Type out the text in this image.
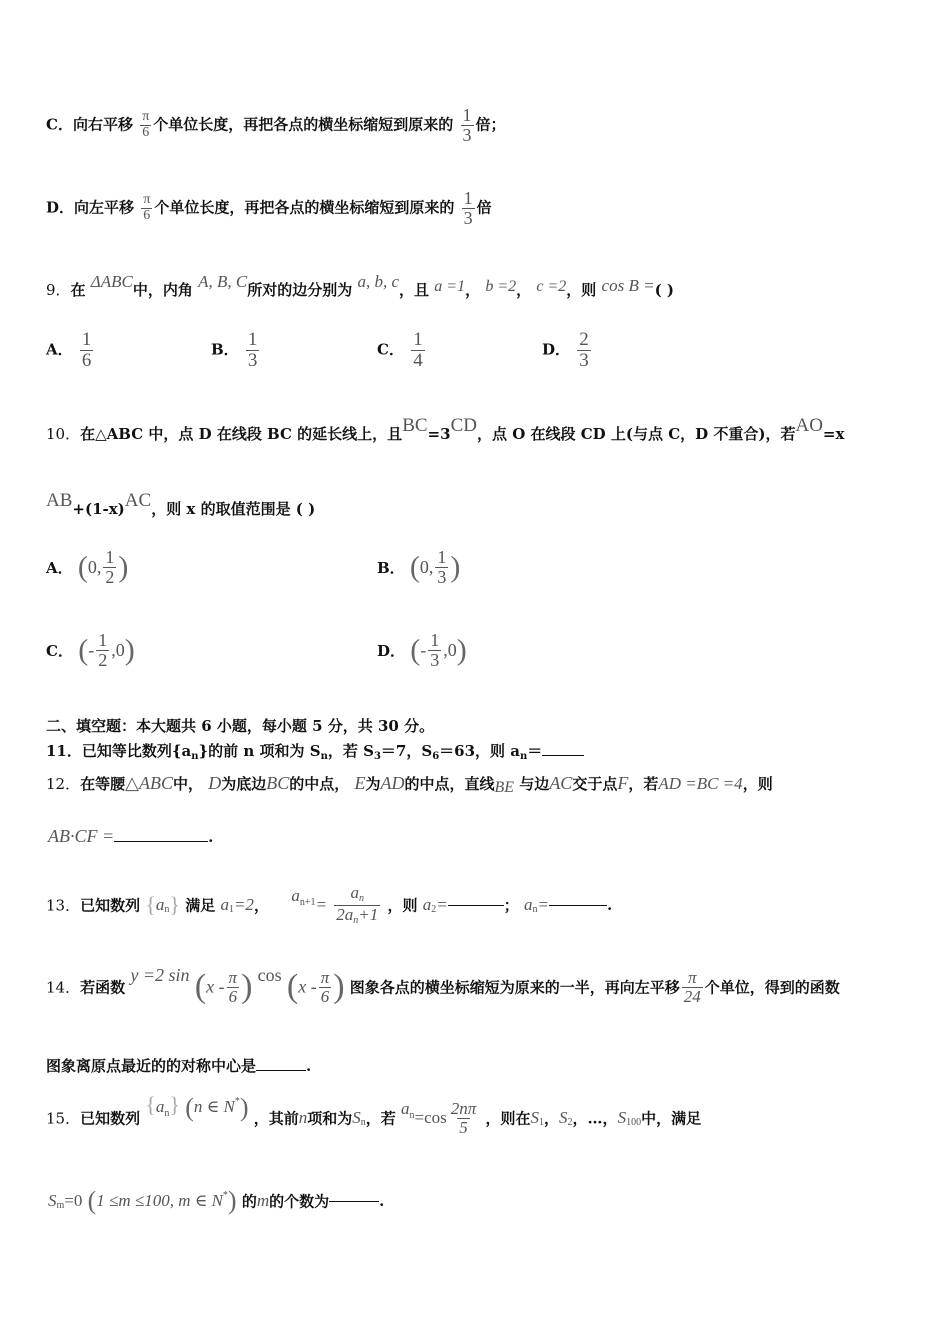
C．向右平移 $\frac{\pi}{6}$ 个单位长度，再把各点的横坐标缩短到原来的 $\frac{1}{3}$ 倍；
D．向左平移 $\frac{\pi}{6}$ 个单位长度，再把各点的横坐标缩短到原来的 $\frac{1}{3}$ 倍
9．在 ΔABC中，内角 A, B, C所对的边分别为 a, b, c，且 a =1， b =2， c =2，则 cos B =( )
A． $\frac{1}{6}$	B． $\frac{1}{3}$	C． $\frac{1}{4}$	D． $\frac{2}{3}$
10．在△ABC 中，点 D 在线段 BC 的延长线上，且BC=3CD，点 O 在线段 CD 上(与点 C，D 不重合)，若AO=x
AB+(1-x)AC，则 x 的取值范围是 ( )
A． (0, $\frac{1}{2}$ )	B． (0, $\frac{1}{3}$ )
C． (- $\frac{1}{2} ,0$)	D． (- $\frac{1}{3} ,0$)
二、填空题：本大题共 6 小题，每小题 5 分，共 30 分。
11．已知等比数列$\{a_n\}$的前 n 项和为 $S_n$，若 $S_3=7$，$S_6=63$，则 $a_n=$
12．在等腰△ABC中， D为底边BC的中点， E为AD的中点，直线BE 与边AC交于点F，若AD =BC =4，则
AB·CF =	.
13．已知数列 $\{a_n\}$ 满足 $a_1=2$，  $a^{n+1}= \frac{a_n}{2a_n+1}$ ，则 $a_2=$	； $a_n=$	.
14．若函数 y =2 $\sin (x - \frac{\pi}{6}$ ) $\cos (x - \frac{\pi}{6}$ ) 图象各点的横坐标缩短为原来的一半，再向左平移 $\frac{\pi}{24}$ 个单位，得到的函数
图象离原点最近的的对称中心是	.
15．已知数列 $\{a^n\}$ (n ∈ N*) ，其前n项和为$S_n$，若 $a^n=\cos \frac{2n\pi}{5}$ ，则在$S_1$，$S_2$，…，$S_{100}$中，满足
$S_m=0$ (1 ≤m ≤100, m ∈ N*) 的m的个数为	.
